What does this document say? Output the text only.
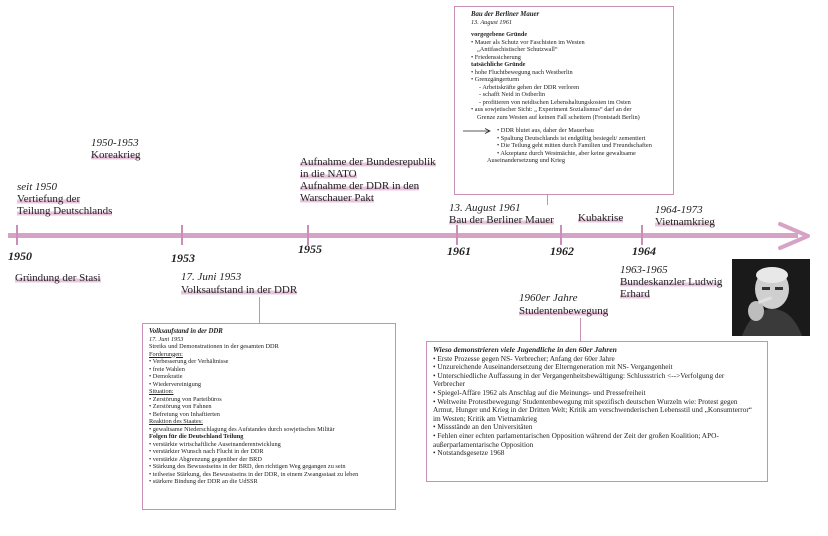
1950	1953
1955	1961	1962	1964
seit 1950
Vertiefung der
Teilung Deutschlands
1950-1953
Koreakrieg
Aufnahme der Bundesrepublik
in die NATO
Aufnahme der DDR in den
Warschauer Pakt
13. August 1961
Bau der Berliner Mauer Kubakrise
1964-1973
Vietnamkrieg
Gründung der Stasi	17. Juni 1953
Volksaufstand in der DDR
1963-1965
Bundeskanzler Ludwig
Erhard
1960er Jahre
Studentenbewegung
Bau der Berliner Mauer
13. August 1961
vorgegebene Gründe
• Mauer als Schutz vor Faschisten im Westen
„Antifaschistischer Schutzwall“
• Friedenssicherung
tatsächliche Gründe
• hohe Fluchtbewegung nach Westberlin
• Grenzgängerturm
- Arbeitskräfte gehen der DDR verloren
- schafft Neid in Ostberlin
- profitieren von neidischen Lebenshaltungskosten im Osten
• aus sowjetischer Sicht: „ Experiment Sozialismus“ darf an der
Grenze zum Westen auf keinen Fall scheitern (Frontstadt Berlin)
• DDR blutet aus, daher der Mauerbau
• Spaltung Deutschlands ist endgültig besiegelt/ zementiert
• Die Teilung geht mitten durch Familien und Freundschaften
• Akzeptanz durch Westmächte, aber keine gewaltsame
Auseinandersetzung und Krieg
Volksaufstand in der DDR
17. Juni 1953
Streiks und Demonstrationen in der gesamten DDR
Forderungen:
• Verbesserung der Verhältnisse
• freie Wahlen
• Demokratie
• Wiedervereinigung
Situation:
• Zerstörung von Parteibüros
• Zerstörung von Fahnen
• Befreiung von Inhaftierten
Reaktion des Staates:
• gewaltsame Niederschlagung des Aufstandes durch sowjetisches Militär
Folgen für die Deutschland Teilung
• verstärkte wirtschaftliche Auseinanderentwicklung
• verstärkter Wunsch nach Flucht in der DDR
• verstärkte Abgrenzung gegenüber der BRD
• Stärkung des Bewusstseins in der BRD, den richtigen Weg gegangen zu sein
• teilweise Stärkung, des Bewusstseins in der DDR, in einem Zwangsstaat zu leben
• stärkere Bindung der DDR an die UdSSR
Wieso demonstrieren viele Jugendliche in den 60er Jahren
• Erste Prozesse gegen NS- Verbrecher; Anfang der 60er Jahre
• Unzureichende Auseinandersetzung der Elterngeneration mit NS- Vergangenheit
• Unterschiedliche Auffassung in der Vergangenheitsbewältigung: Schlussstrich <-->Verfolgung der
Verbrecher
• Spiegel-Affäre 1962 als Anschlag auf die Meinungs- und Pressefreiheit
• Weltweite Protestbewegung/ Studentenbewegung mit spezifisch deutschen Wurzeln wie: Protest gegen
Armut, Hunger und Krieg in der Dritten Welt; Kritik am verschwenderischen Lebensstil und „Konsumterror“
im Westen; Kritik am Vietnamkrieg
• Missstände an den Universitäten
• Fehlen einer echten parlamentarischen Opposition während der Zeit der großen Koalition; APO-
außerparlamentarische Opposition
• Notstandsgesetze 1968
